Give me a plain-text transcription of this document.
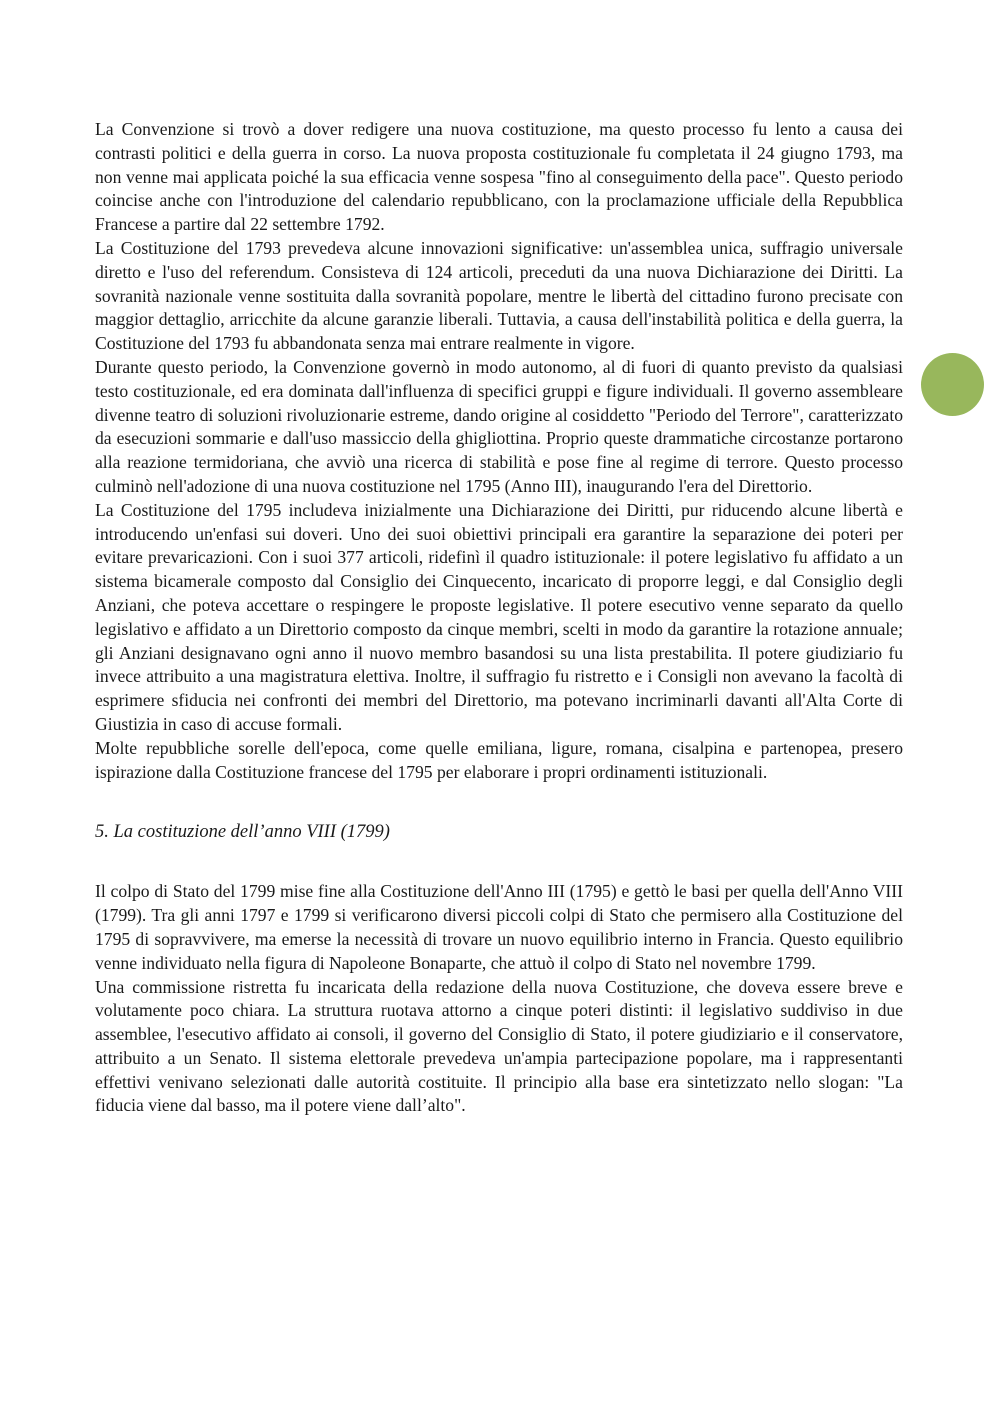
La Convenzione si trovò a dover redigere una nuova costituzione, ma questo processo fu lento a causa dei contrasti politici e della guerra in corso. La nuova proposta costituzionale fu completata il 24 giugno 1793, ma non venne mai applicata poiché la sua efficacia venne sospesa "fino al conseguimento della pace". Questo periodo coincise anche con l'introduzione del calendario repubblicano, con la proclamazione ufficiale della Repubblica Francese a partire dal 22 settembre 1792.

La Costituzione del 1793 prevedeva alcune innovazioni significative: un'assemblea unica, suffragio universale diretto e l'uso del referendum. Consisteva di 124 articoli, preceduti da una nuova Dichiarazione dei Diritti. La sovranità nazionale venne sostituita dalla sovranità popolare, mentre le libertà del cittadino furono precisate con maggior dettaglio, arricchite da alcune garanzie liberali. Tuttavia, a causa dell'instabilità politica e della guerra, la Costituzione del 1793 fu abbandonata senza mai entrare realmente in vigore.

Durante questo periodo, la Convenzione governò in modo autonomo, al di fuori di quanto previsto da qualsiasi testo costituzionale, ed era dominata dall'influenza di specifici gruppi e figure individuali. Il governo assembleare divenne teatro di soluzioni rivoluzionarie estreme, dando origine al cosiddetto "Periodo del Terrore", caratterizzato da esecuzioni sommarie e dall'uso massiccio della ghigliottina. Proprio queste drammatiche circostanze portarono alla reazione termidoriana, che avviò una ricerca di stabilità e pose fine al regime di terrore. Questo processo culminò nell'adozione di una nuova costituzione nel 1795 (Anno III), inaugurando l'era del Direttorio.

La Costituzione del 1795 includeva inizialmente una Dichiarazione dei Diritti, pur riducendo alcune libertà e introducendo un'enfasi sui doveri. Uno dei suoi obiettivi principali era garantire la separazione dei poteri per evitare prevaricazioni. Con i suoi 377 articoli, ridefinì il quadro istituzionale: il potere legislativo fu affidato a un sistema bicamerale composto dal Consiglio dei Cinquecento, incaricato di proporre leggi, e dal Consiglio degli Anziani, che poteva accettare o respingere le proposte legislative. Il potere esecutivo venne separato da quello legislativo e affidato a un Direttorio composto da cinque membri, scelti in modo da garantire la rotazione annuale; gli Anziani designavano ogni anno il nuovo membro basandosi su una lista prestabilita. Il potere giudiziario fu invece attribuito a una magistratura elettiva. Inoltre, il suffragio fu ristretto e i Consigli non avevano la facoltà di esprimere sfiducia nei confronti dei membri del Direttorio, ma potevano incriminarli davanti all'Alta Corte di Giustizia in caso di accuse formali.

Molte repubbliche sorelle dell'epoca, come quelle emiliana, ligure, romana, cisalpina e partenopea, presero ispirazione dalla Costituzione francese del 1795 per elaborare i propri ordinamenti istituzionali.

5. La costituzione dell’anno VIII (1799)

Il colpo di Stato del 1799 mise fine alla Costituzione dell'Anno III (1795) e gettò le basi per quella dell'Anno VIII (1799). Tra gli anni 1797 e 1799 si verificarono diversi piccoli colpi di Stato che permisero alla Costituzione del 1795 di sopravvivere, ma emerse la necessità di trovare un nuovo equilibrio interno in Francia. Questo equilibrio venne individuato nella figura di Napoleone Bonaparte, che attuò il colpo di Stato nel novembre 1799.

Una commissione ristretta fu incaricata della redazione della nuova Costituzione, che doveva essere breve e volutamente poco chiara. La struttura ruotava attorno a cinque poteri distinti: il legislativo suddiviso in due assemblee, l'esecutivo affidato ai consoli, il governo del Consiglio di Stato, il potere giudiziario e il conservatore, attribuito a un Senato. Il sistema elettorale prevedeva un'ampia partecipazione popolare, ma i rappresentanti effettivi venivano selezionati dalle autorità costituite. Il principio alla base era sintetizzato nello slogan: "La fiducia viene dal basso, ma il potere viene dall’alto".
